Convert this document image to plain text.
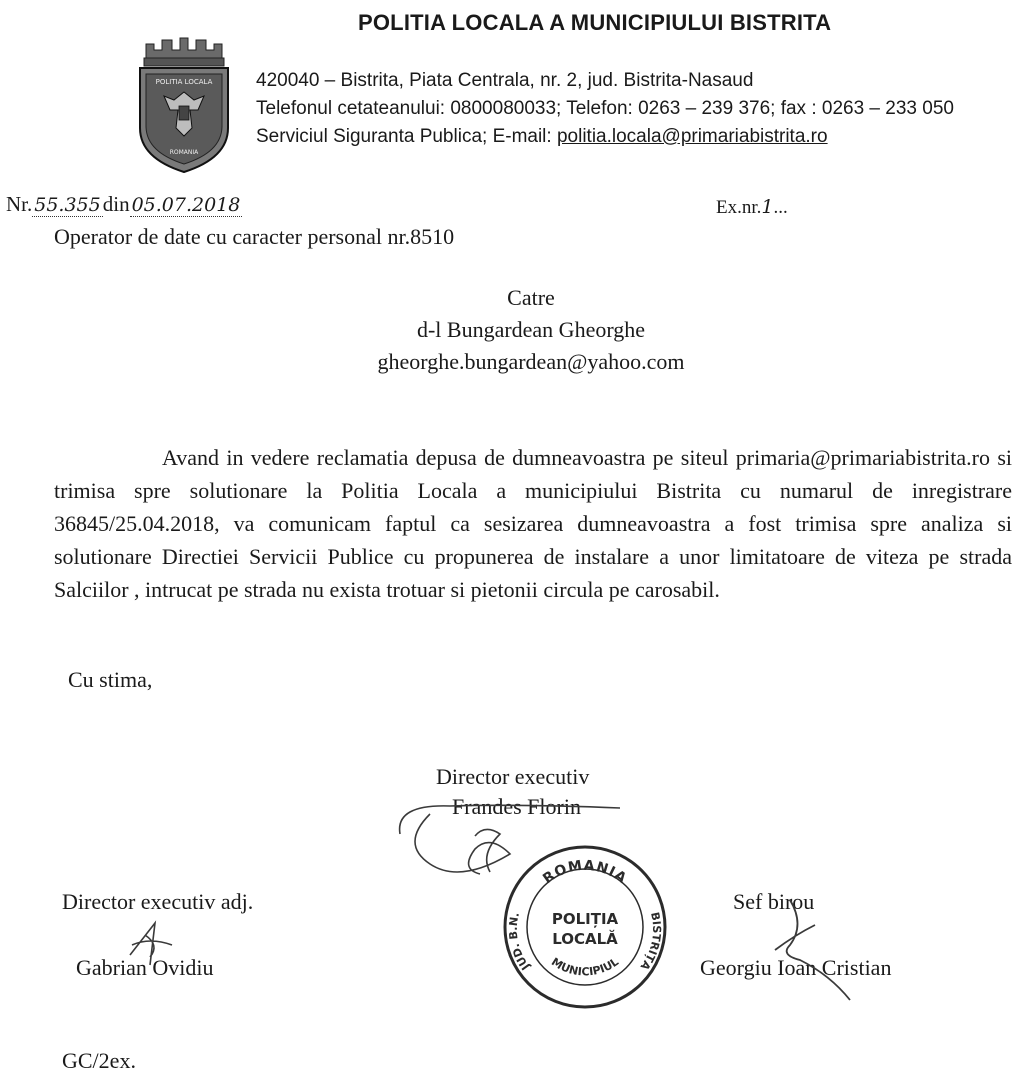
POLITIA LOCALA A MUNICIPIULUI BISTRITA
POLITIA LOCALA
ROMANIA
420040 – Bistrita, Piata Centrala, nr. 2, jud. Bistrita-Nasaud
Telefonul cetateanului: 0800080033; Telefon: 0263 – 239 376; fax : 0263 – 233 050
Serviciul Siguranta Publica; E-mail: politia.locala@primariabistrita.ro
Nr. 55.355din 05.07.2018	Ex.nr.1...
Operator de date cu caracter personal nr.8510
Catre
d-l Bungardean Gheorghe
gheorghe.bungardean@yahoo.com
Avand in vedere reclamatia depusa de dumneavoastra pe siteul primaria@primariabistrita.ro si trimisa spre solutionare la Politia Locala a municipiului Bistrita cu numarul de inregistrare 36845/25.04.2018, va comunicam faptul ca sesizarea dumneavoastra a fost trimisa spre analiza si solutionare Directiei Servicii Publice cu propunerea de instalare a unor limitatoare de viteza pe strada Salciilor , intrucat pe strada nu exista trotuar si pietonii circula pe carosabil.
Cu stima,
Director executiv
Frandes Florin
Director executiv adj.
Gabrian Ovidiu
Sef birou
Georgiu Ioan Cristian
ROMANIA
JUD. B.N.	BISTRIȚA
MUNICIPIUL
POLIȚIA
LOCALĂ
GC/2ex.
